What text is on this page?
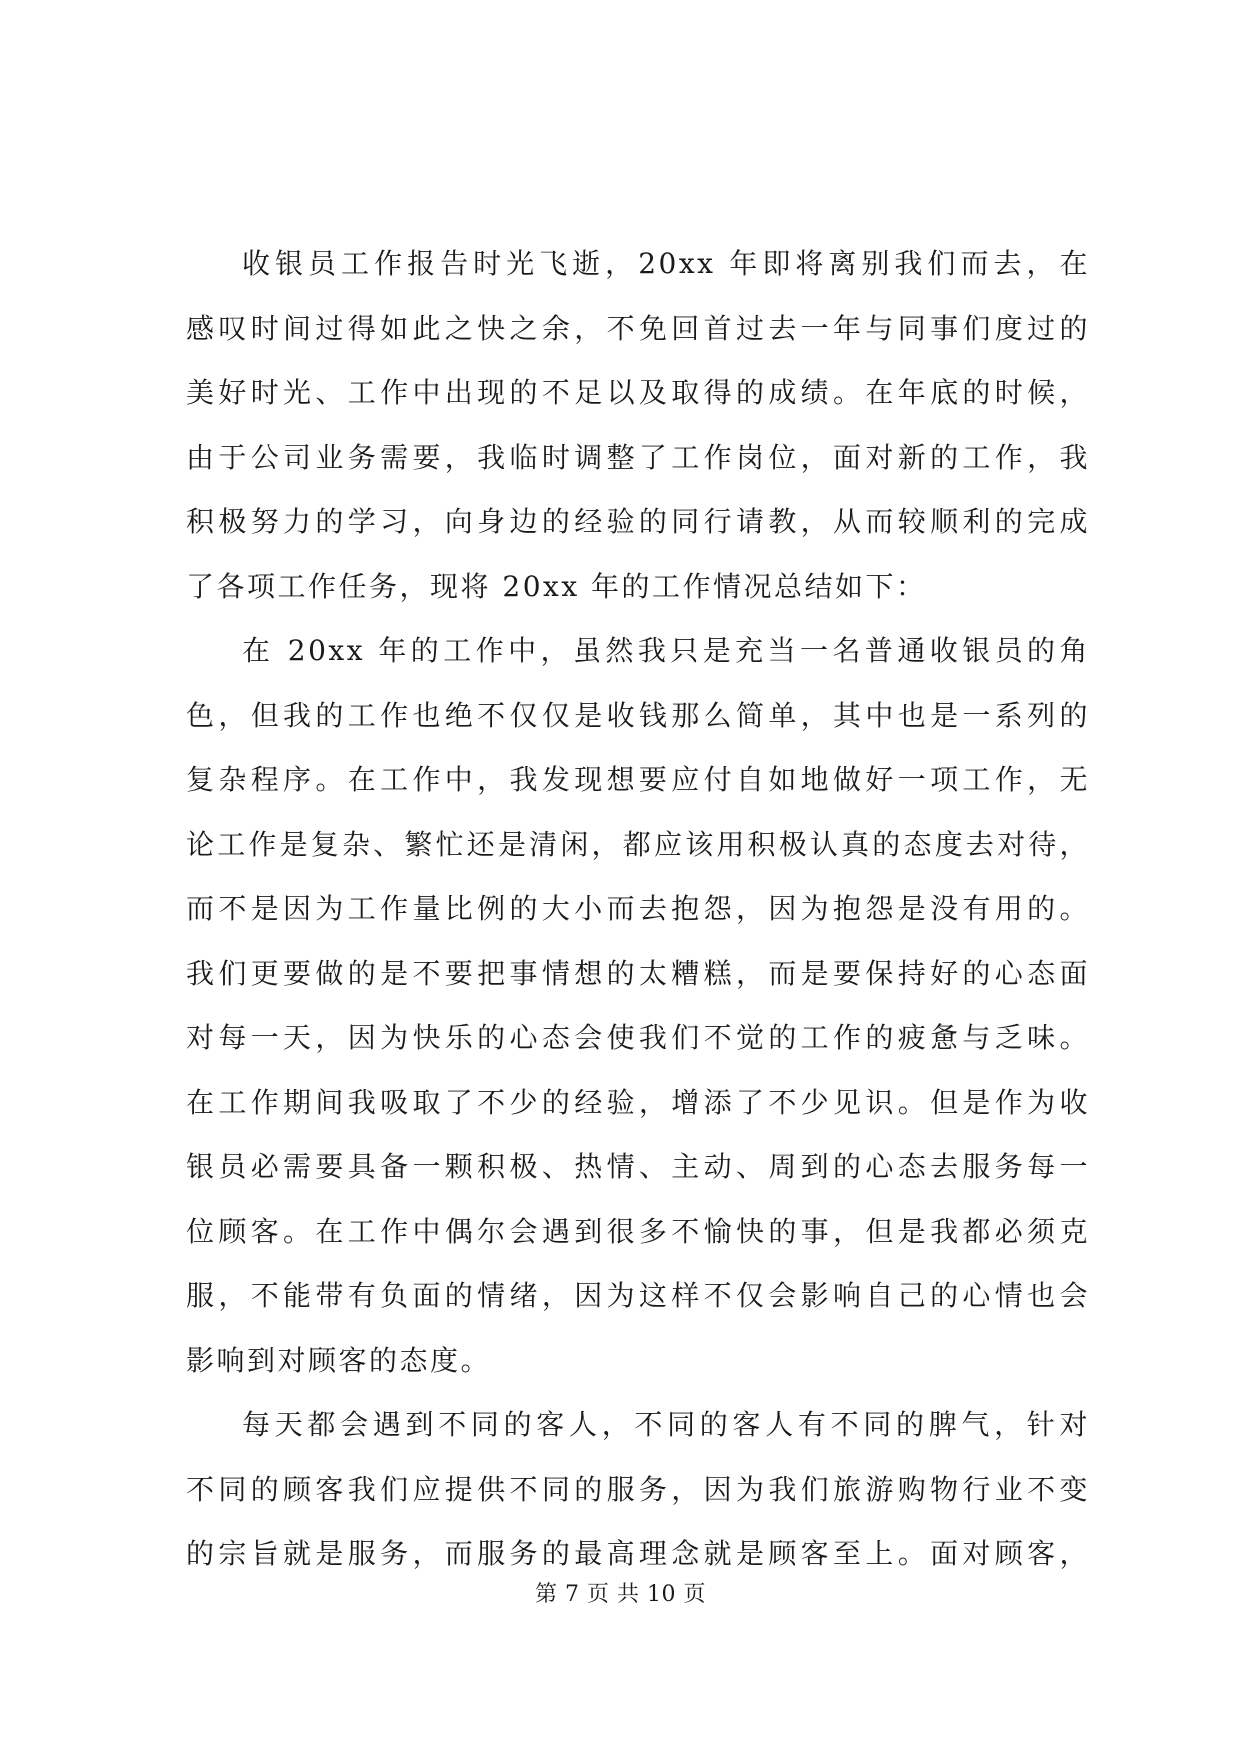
收银员工作报告时光飞逝，20xx 年即将离别我们而去，在
感叹时间过得如此之快之余，不免回首过去一年与同事们度过的
美好时光、工作中出现的不足以及取得的成绩。在年底的时候，
由于公司业务需要，我临时调整了工作岗位，面对新的工作，我
积极努力的学习，向身边的经验的同行请教，从而较顺利的完成
了各项工作任务，现将 20xx 年的工作情况总结如下：
在 20xx 年的工作中，虽然我只是充当一名普通收银员的角
色，但我的工作也绝不仅仅是收钱那么简单，其中也是一系列的
复杂程序。在工作中，我发现想要应付自如地做好一项工作，无
论工作是复杂、繁忙还是清闲，都应该用积极认真的态度去对待，
而不是因为工作量比例的大小而去抱怨，因为抱怨是没有用的。
我们更要做的是不要把事情想的太糟糕，而是要保持好的心态面
对每一天，因为快乐的心态会使我们不觉的工作的疲惫与乏味。
在工作期间我吸取了不少的经验，增添了不少见识。但是作为收
银员必需要具备一颗积极、热情、主动、周到的心态去服务每一
位顾客。在工作中偶尔会遇到很多不愉快的事，但是我都必须克
服，不能带有负面的情绪，因为这样不仅会影响自己的心情也会
影响到对顾客的态度。
每天都会遇到不同的客人，不同的客人有不同的脾气，针对
不同的顾客我们应提供不同的服务，因为我们旅游购物行业不变
的宗旨就是服务，而服务的最高理念就是顾客至上。面对顾客，
第 7 页 共 10 页
